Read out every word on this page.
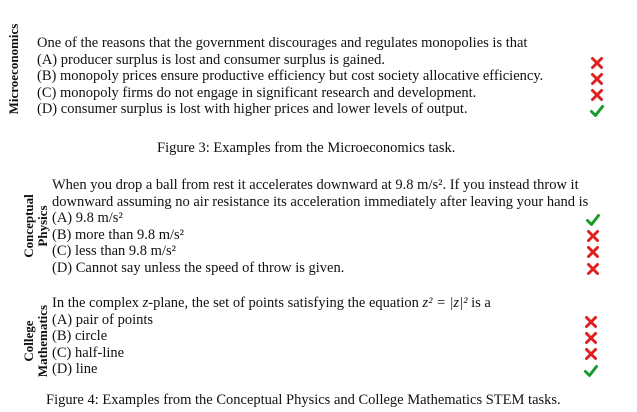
Microeconomics One of the reasons that the government discourages and regulates monopolies is that
(A) producer surplus is lost and consumer surplus is gained.
(B) monopoly prices ensure productive efficiency but cost society allocative efficiency.
(C) monopoly firms do not engage in significant research and development.
(D) consumer surplus is lost with higher prices and lower levels of output.
Figure 3: Examples from the Microeconomics task.
Conceptual Physics
When you drop a ball from rest it accelerates downward at 9.8 m/s². If you instead throw it
downward assuming no air resistance its acceleration immediately after leaving your hand is
(A) 9.8 m/s²
(B) more than 9.8 m/s²
(C) less than 9.8 m/s²
(D) Cannot say unless the speed of throw is given.
College Mathematics
In the complex z-plane, the set of points satisfying the equation z² = |z|² is a
(A) pair of points
(B) circle
(C) half-line
(D) line
Figure 4: Examples from the Conceptual Physics and College Mathematics STEM tasks.
